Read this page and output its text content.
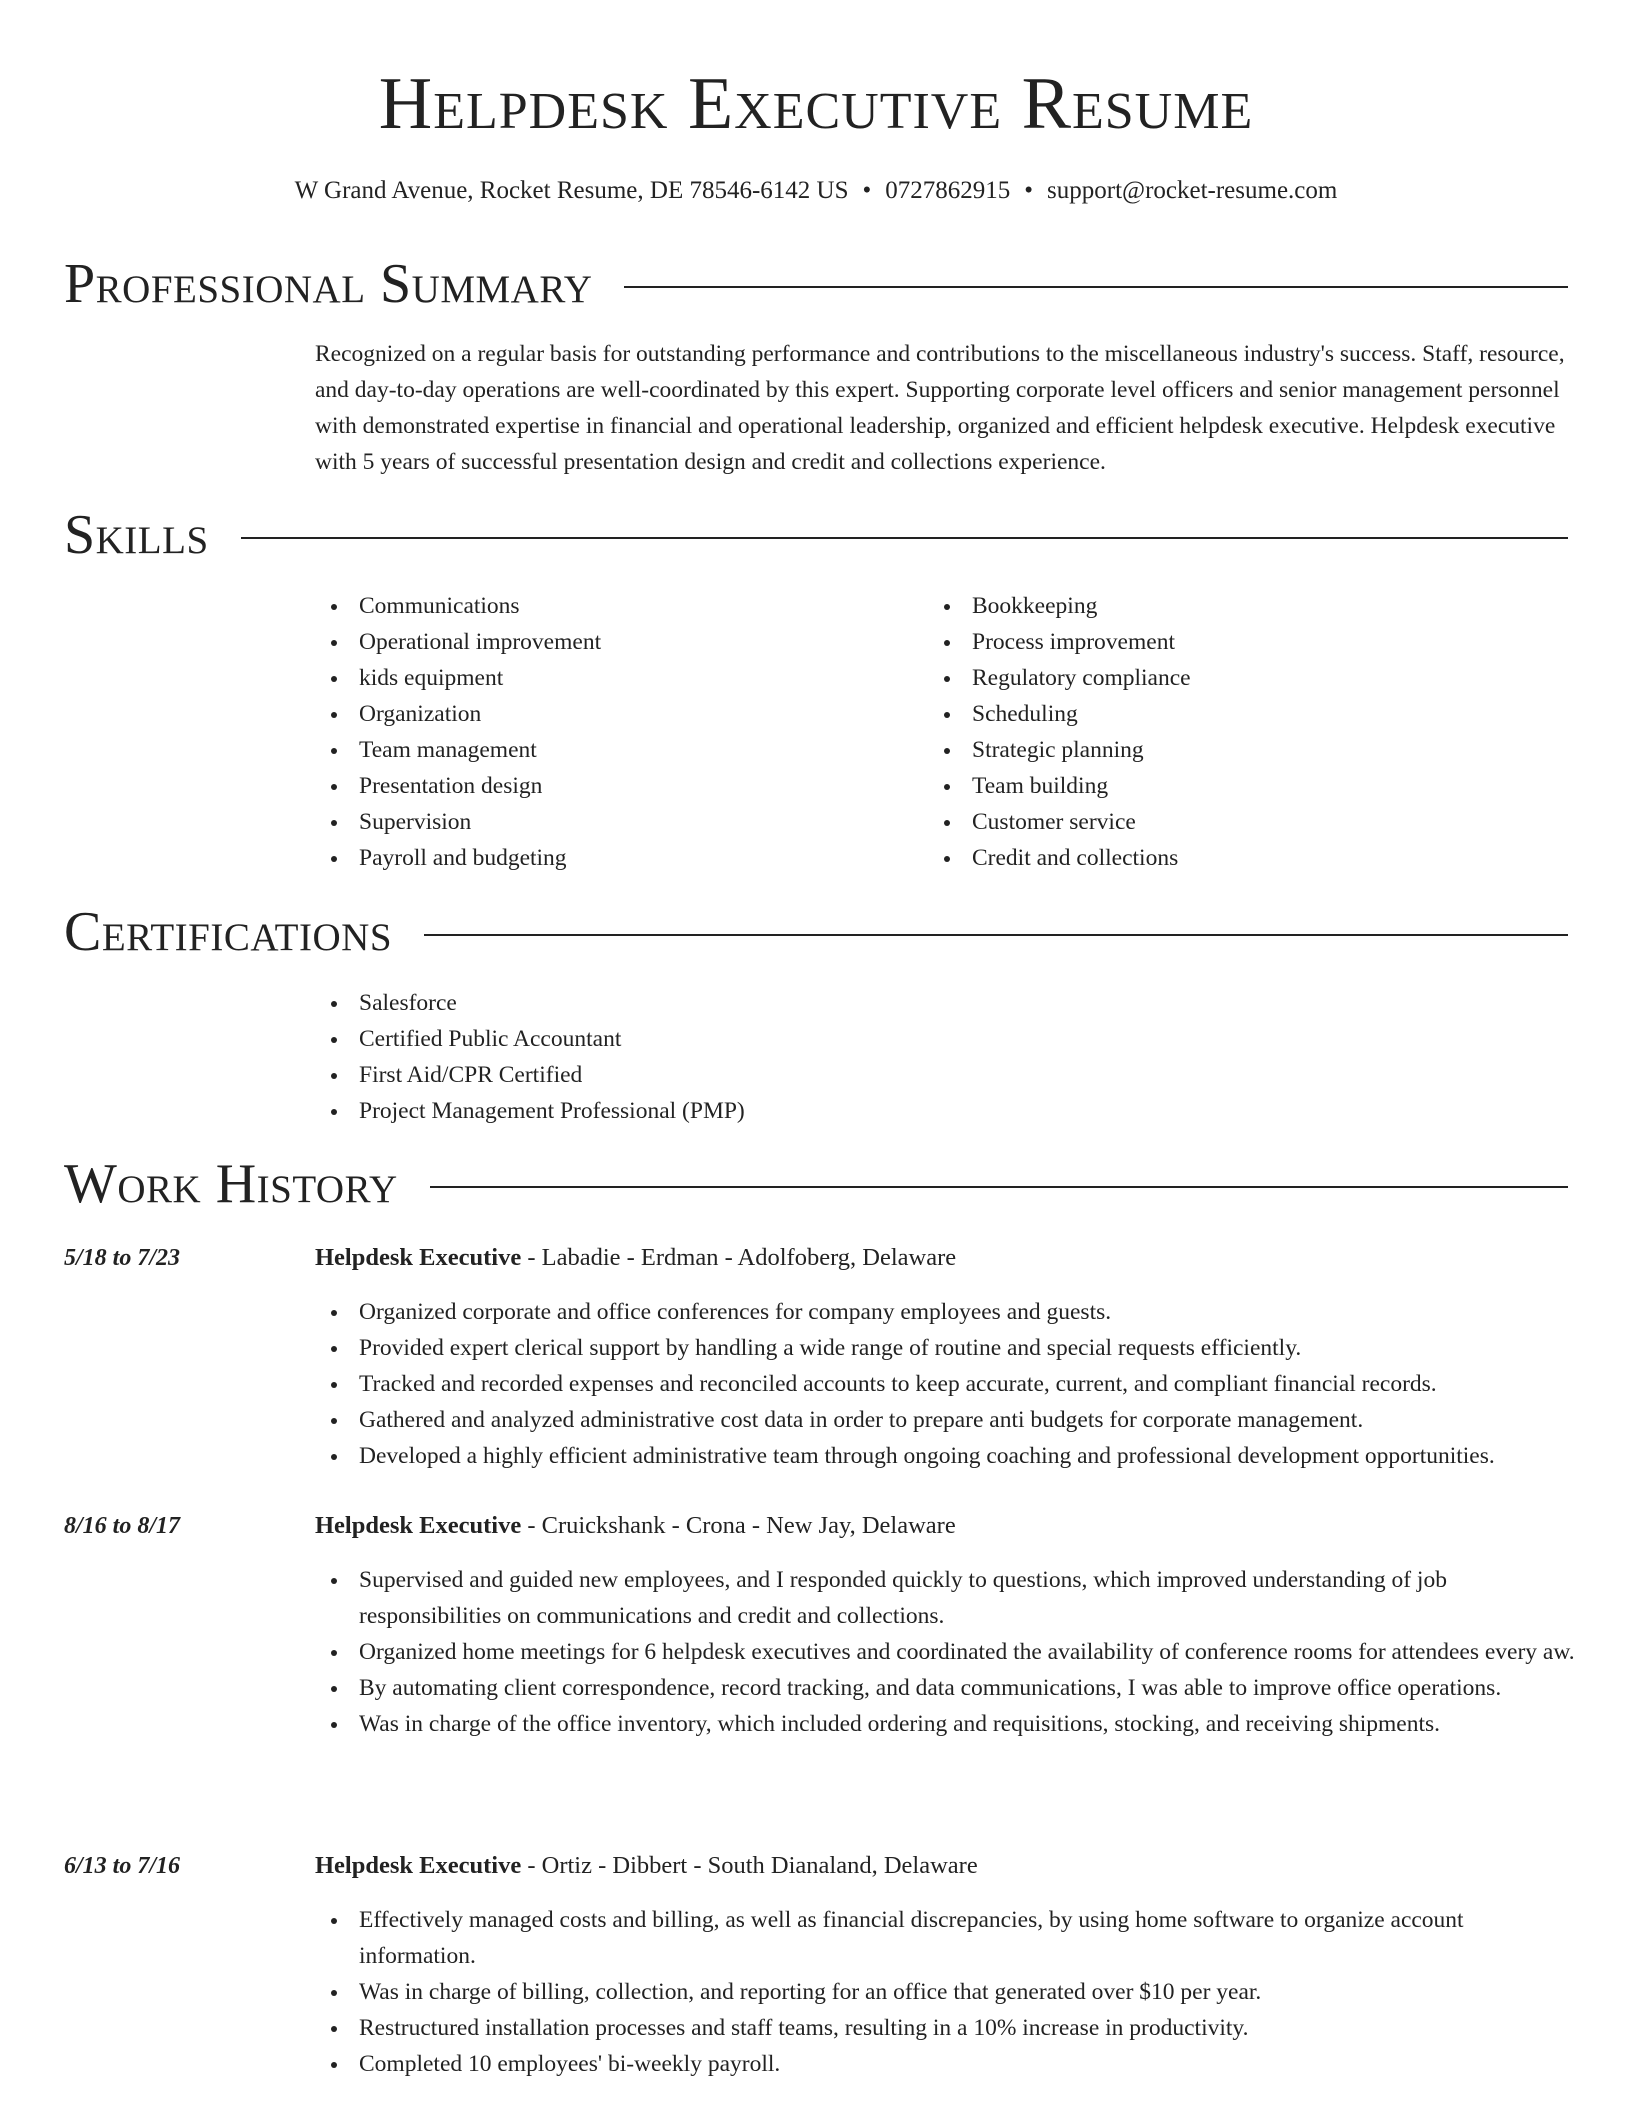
Helpdesk Executive Resume
W Grand Avenue, Rocket Resume, DE 78546-6142 US • 0727862915 • support@rocket-resume.com
Professional Summary

Recognized on a regular basis for outstanding performance and contributions to the miscellaneous industry's success. Staff, resource, and day-to-day operations are well-coordinated by this expert. Supporting corporate level officers and senior management personnel with demonstrated expertise in financial and operational leadership, organized and efficient helpdesk executive. Helpdesk executive with 5 years of successful presentation design and credit and collections experience.

Skills
Communications
Operational improvement
kids equipment
Organization
Team management
Presentation design
Supervision
Payroll and budgeting
Bookkeeping
Process improvement
Regulatory compliance
Scheduling
Strategic planning
Team building
Customer service
Credit and collections
Certifications
Salesforce
Certified Public Accountant
First Aid/CPR Certified
Project Management Professional (PMP)
Work History
5/18 to 7/23	Helpdesk Executive - Labadie - Erdman - Adolfoberg, Delaware
Organized corporate and office conferences for company employees and guests.
Provided expert clerical support by handling a wide range of routine and special requests efficiently.
Tracked and recorded expenses and reconciled accounts to keep accurate, current, and compliant financial records.
Gathered and analyzed administrative cost data in order to prepare anti budgets for corporate management.
Developed a highly efficient administrative team through ongoing coaching and professional development opportunities.
8/16 to 8/17	Helpdesk Executive - Cruickshank - Crona - New Jay, Delaware
Supervised and guided new employees, and I responded quickly to questions, which improved understanding of job responsibilities on communications and credit and collections.
Organized home meetings for 6 helpdesk executives and coordinated the availability of conference rooms for attendees every aw.
By automating client correspondence, record tracking, and data communications, I was able to improve office operations.
Was in charge of the office inventory, which included ordering and requisitions, stocking, and receiving shipments.
6/13 to 7/16	Helpdesk Executive - Ortiz - Dibbert - South Dianaland, Delaware
Effectively managed costs and billing, as well as financial discrepancies, by using home software to organize account information.
Was in charge of billing, collection, and reporting for an office that generated over $10 per year.
Restructured installation processes and staff teams, resulting in a 10% increase in productivity.
Completed 10 employees' bi-weekly payroll.
